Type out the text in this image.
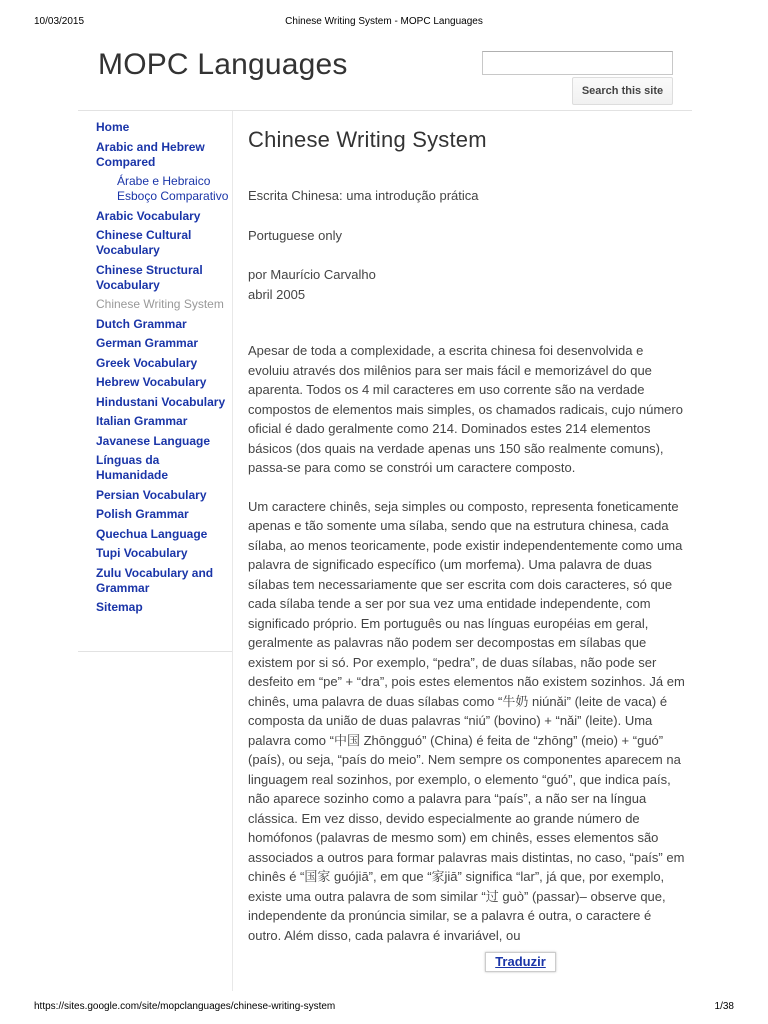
10/03/2015	Chinese Writing System - MOPC Languages
MOPC Languages
Search this site
Home
Arabic and Hebrew Compared
Árabe e Hebraico Esboço Comparativo
Arabic Vocabulary
Chinese Cultural Vocabulary
Chinese Structural Vocabulary
Chinese Writing System
Dutch Grammar
German Grammar
Greek Vocabulary
Hebrew Vocabulary
Hindustani Vocabulary
Italian Grammar
Javanese Language
Línguas da Humanidade
Persian Vocabulary
Polish Grammar
Quechua Language
Tupi Vocabulary
Zulu Vocabulary and Grammar
Sitemap
Chinese Writing System

Escrita Chinesa: uma introdução prática

Portuguese only

por Maurício Carvalho

abril 2005

Apesar de toda a complexidade, a escrita chinesa foi desenvolvida e evoluiu através dos milênios para ser mais fácil e memorizável do que aparenta. Todos os 4 mil caracteres em uso corrente são na verdade compostos de elementos mais simples, os chamados radicais, cujo número oficial é dado geralmente como 214. Dominados estes 214 elementos básicos (dos quais na verdade apenas uns 150 são realmente comuns), passa-se para como se constrói um caractere composto.

Um caractere chinês, seja simples ou composto, representa foneticamente apenas e tão somente uma sílaba, sendo que na estrutura chinesa, cada sílaba, ao menos teoricamente, pode existir independentemente como uma palavra de significado específico (um morfema). Uma palavra de duas sílabas tem necessariamente que ser escrita com dois caracteres, só que cada sílaba tende a ser por sua vez uma entidade independente, com significado próprio. Em português ou nas línguas européias em geral, geralmente as palavras não podem ser decompostas em sílabas que existem por si só. Por exemplo, “pedra”, de duas sílabas, não pode ser desfeito em “pe” + “dra”, pois estes elementos não existem sozinhos. Já em chinês, uma palavra de duas sílabas como “牛奶 niúnǎi” (leite de vaca) é composta da união de duas palavras “niú” (bovino) + “nǎi” (leite). Uma palavra como “中国 Zhōngguó” (China) é feita de “zhōng” (meio) + “guó” (país), ou seja, “país do meio”. Nem sempre os componentes aparecem na linguagem real sozinhos, por exemplo, o elemento “guó”, que indica país, não aparece sozinho como a palavra para “país”, a não ser na língua clássica. Em vez disso, devido especialmente ao grande número de homófonos (palavras de mesmo som) em chinês, esses elementos são associados a outros para formar palavras mais distintas, no caso, “país” em chinês é “国家 guójiā”, em que “家jiā” significa “lar”, já que, por exemplo, existe uma outra palavra de som similar “过 guò” (passar)– observe que, independente da pronúncia similar, se a palavra é outra, o caractere é outro. Além disso, cada palavra é invariável, ou

Traduzir
https://sites.google.com/site/mopclanguages/chinese-writing-system	1/38
